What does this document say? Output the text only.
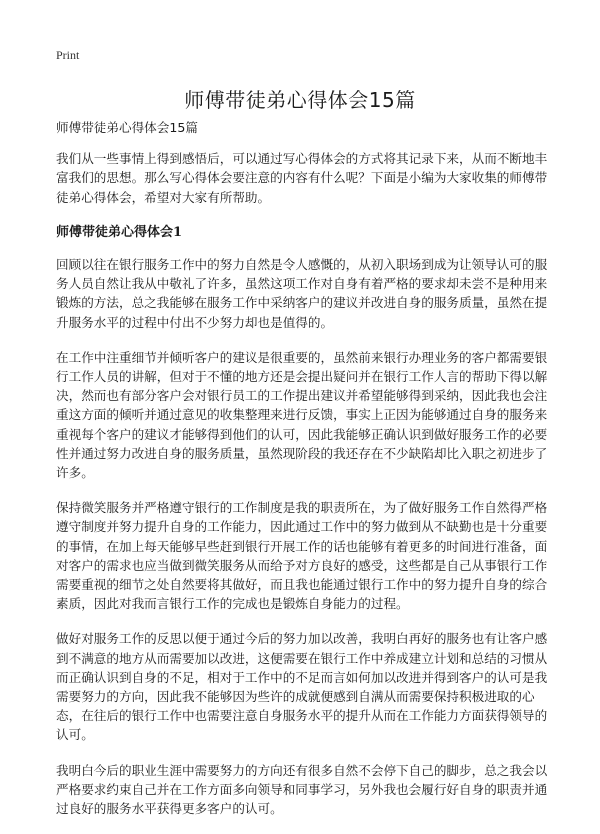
Print
师傅带徒弟心得体会15篇

师傅带徒弟心得体会15篇

我们从一些事情上得到感悟后，可以通过写心得体会的方式将其记录下来，从而不断地丰富我们的思想。那么写心得体会要注意的内容有什么呢？下面是小编为大家收集的师傅带徒弟心得体会，希望对大家有所帮助。

师傅带徒弟心得体会1

回顾以往在银行服务工作中的努力自然是令人感慨的，从初入职场到成为让领导认可的服务人员自然让我从中敬礼了许多，虽然这项工作对自身有着严格的要求却未尝不是种用来锻炼的方法，总之我能够在服务工作中采纳客户的建议并改进自身的服务质量，虽然在提升服务水平的过程中付出不少努力却也是值得的。

在工作中注重细节并倾听客户的建议是很重要的，虽然前来银行办理业务的客户都需要银行工作人员的讲解，但对于不懂的地方还是会提出疑问并在银行工作人言的帮助下得以解决，然而也有部分客户会对银行员工的工作提出建议并希望能够得到采纳，因此我也会注重这方面的倾听并通过意见的收集整理来进行反馈，事实上正因为能够通过自身的服务来重视每个客户的建议才能够得到他们的认可，因此我能够正确认识到做好服务工作的必要性并通过努力改进自身的服务质量，虽然现阶段的我还存在不少缺陷却比入职之初进步了许多。

保持微笑服务并严格遵守银行的工作制度是我的职责所在，为了做好服务工作自然得严格遵守制度并努力提升自身的工作能力，因此通过工作中的努力做到从不缺勤也是十分重要的事情，在加上每天能够早些赶到银行开展工作的话也能够有着更多的时间进行准备，面对客户的需求也应当做到微笑服务从而给予对方良好的感受，这些都是自己从事银行工作需要重视的细节之处自然要将其做好，而且我也能通过银行工作中的努力提升自身的综合素质，因此对我而言银行工作的完成也是锻炼自身能力的过程。

做好对服务工作的反思以便于通过今后的努力加以改善，我明白再好的服务也有让客户感到不满意的地方从而需要加以改进，这便需要在银行工作中养成建立计划和总结的习惯从而正确认识到自身的不足，相对于工作中的不足而言如何加以改进并得到客户的认可是我需要努力的方向，因此我不能够因为些许的成就便感到自满从而需要保持积极进取的心态，在往后的银行工作中也需要注意自身服务水平的提升从而在工作能力方面获得领导的认可。

我明白今后的职业生涯中需要努力的方向还有很多自然不会停下自己的脚步，总之我会以严格要求约束自己并在工作方面多向领导和同事学习，另外我也会履行好自身的职责并通过良好的服务水平获得更多客户的认可。
